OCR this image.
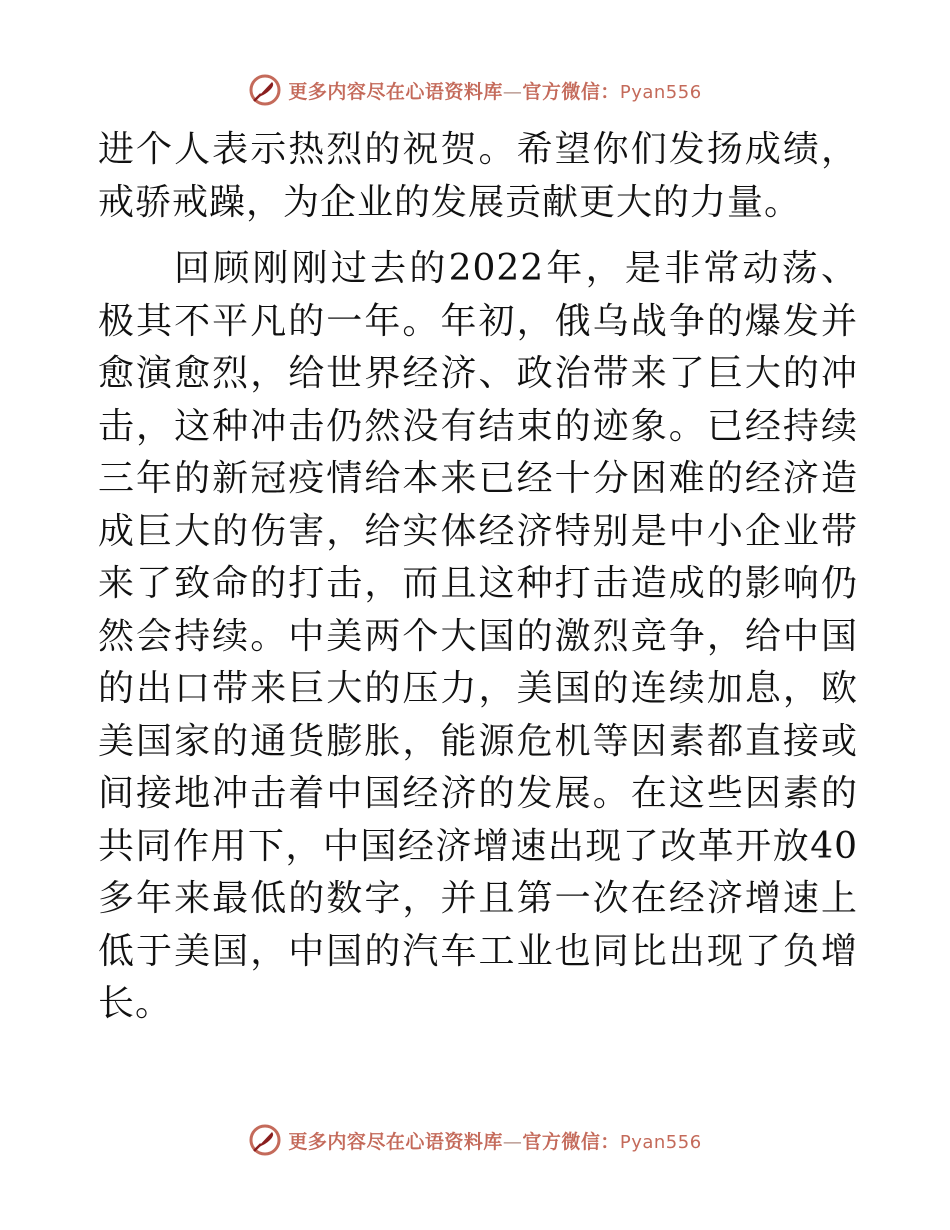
更多内容尽在心语资料库—官方微信：Pyan556

进个人表示热烈的祝贺。希望你们发扬成绩，戒骄戒躁，为企业的发展贡献更大的力量。

回顾刚刚过去的2022年，是非常动荡、极其不平凡的一年。年初，俄乌战争的爆发并愈演愈烈，给世界经济、政治带来了巨大的冲击，这种冲击仍然没有结束的迹象。已经持续三年的新冠疫情给本来已经十分困难的经济造成巨大的伤害，给实体经济特别是中小企业带来了致命的打击，而且这种打击造成的影响仍然会持续。中美两个大国的激烈竞争，给中国的出口带来巨大的压力，美国的连续加息，欧美国家的通货膨胀，能源危机等因素都直接或间接地冲击着中国经济的发展。在这些因素的共同作用下，中国经济增速出现了改革开放40多年来最低的数字，并且第一次在经济增速上低于美国，中国的汽车工业也同比出现了负增长。

更多内容尽在心语资料库—官方微信：Pyan556
